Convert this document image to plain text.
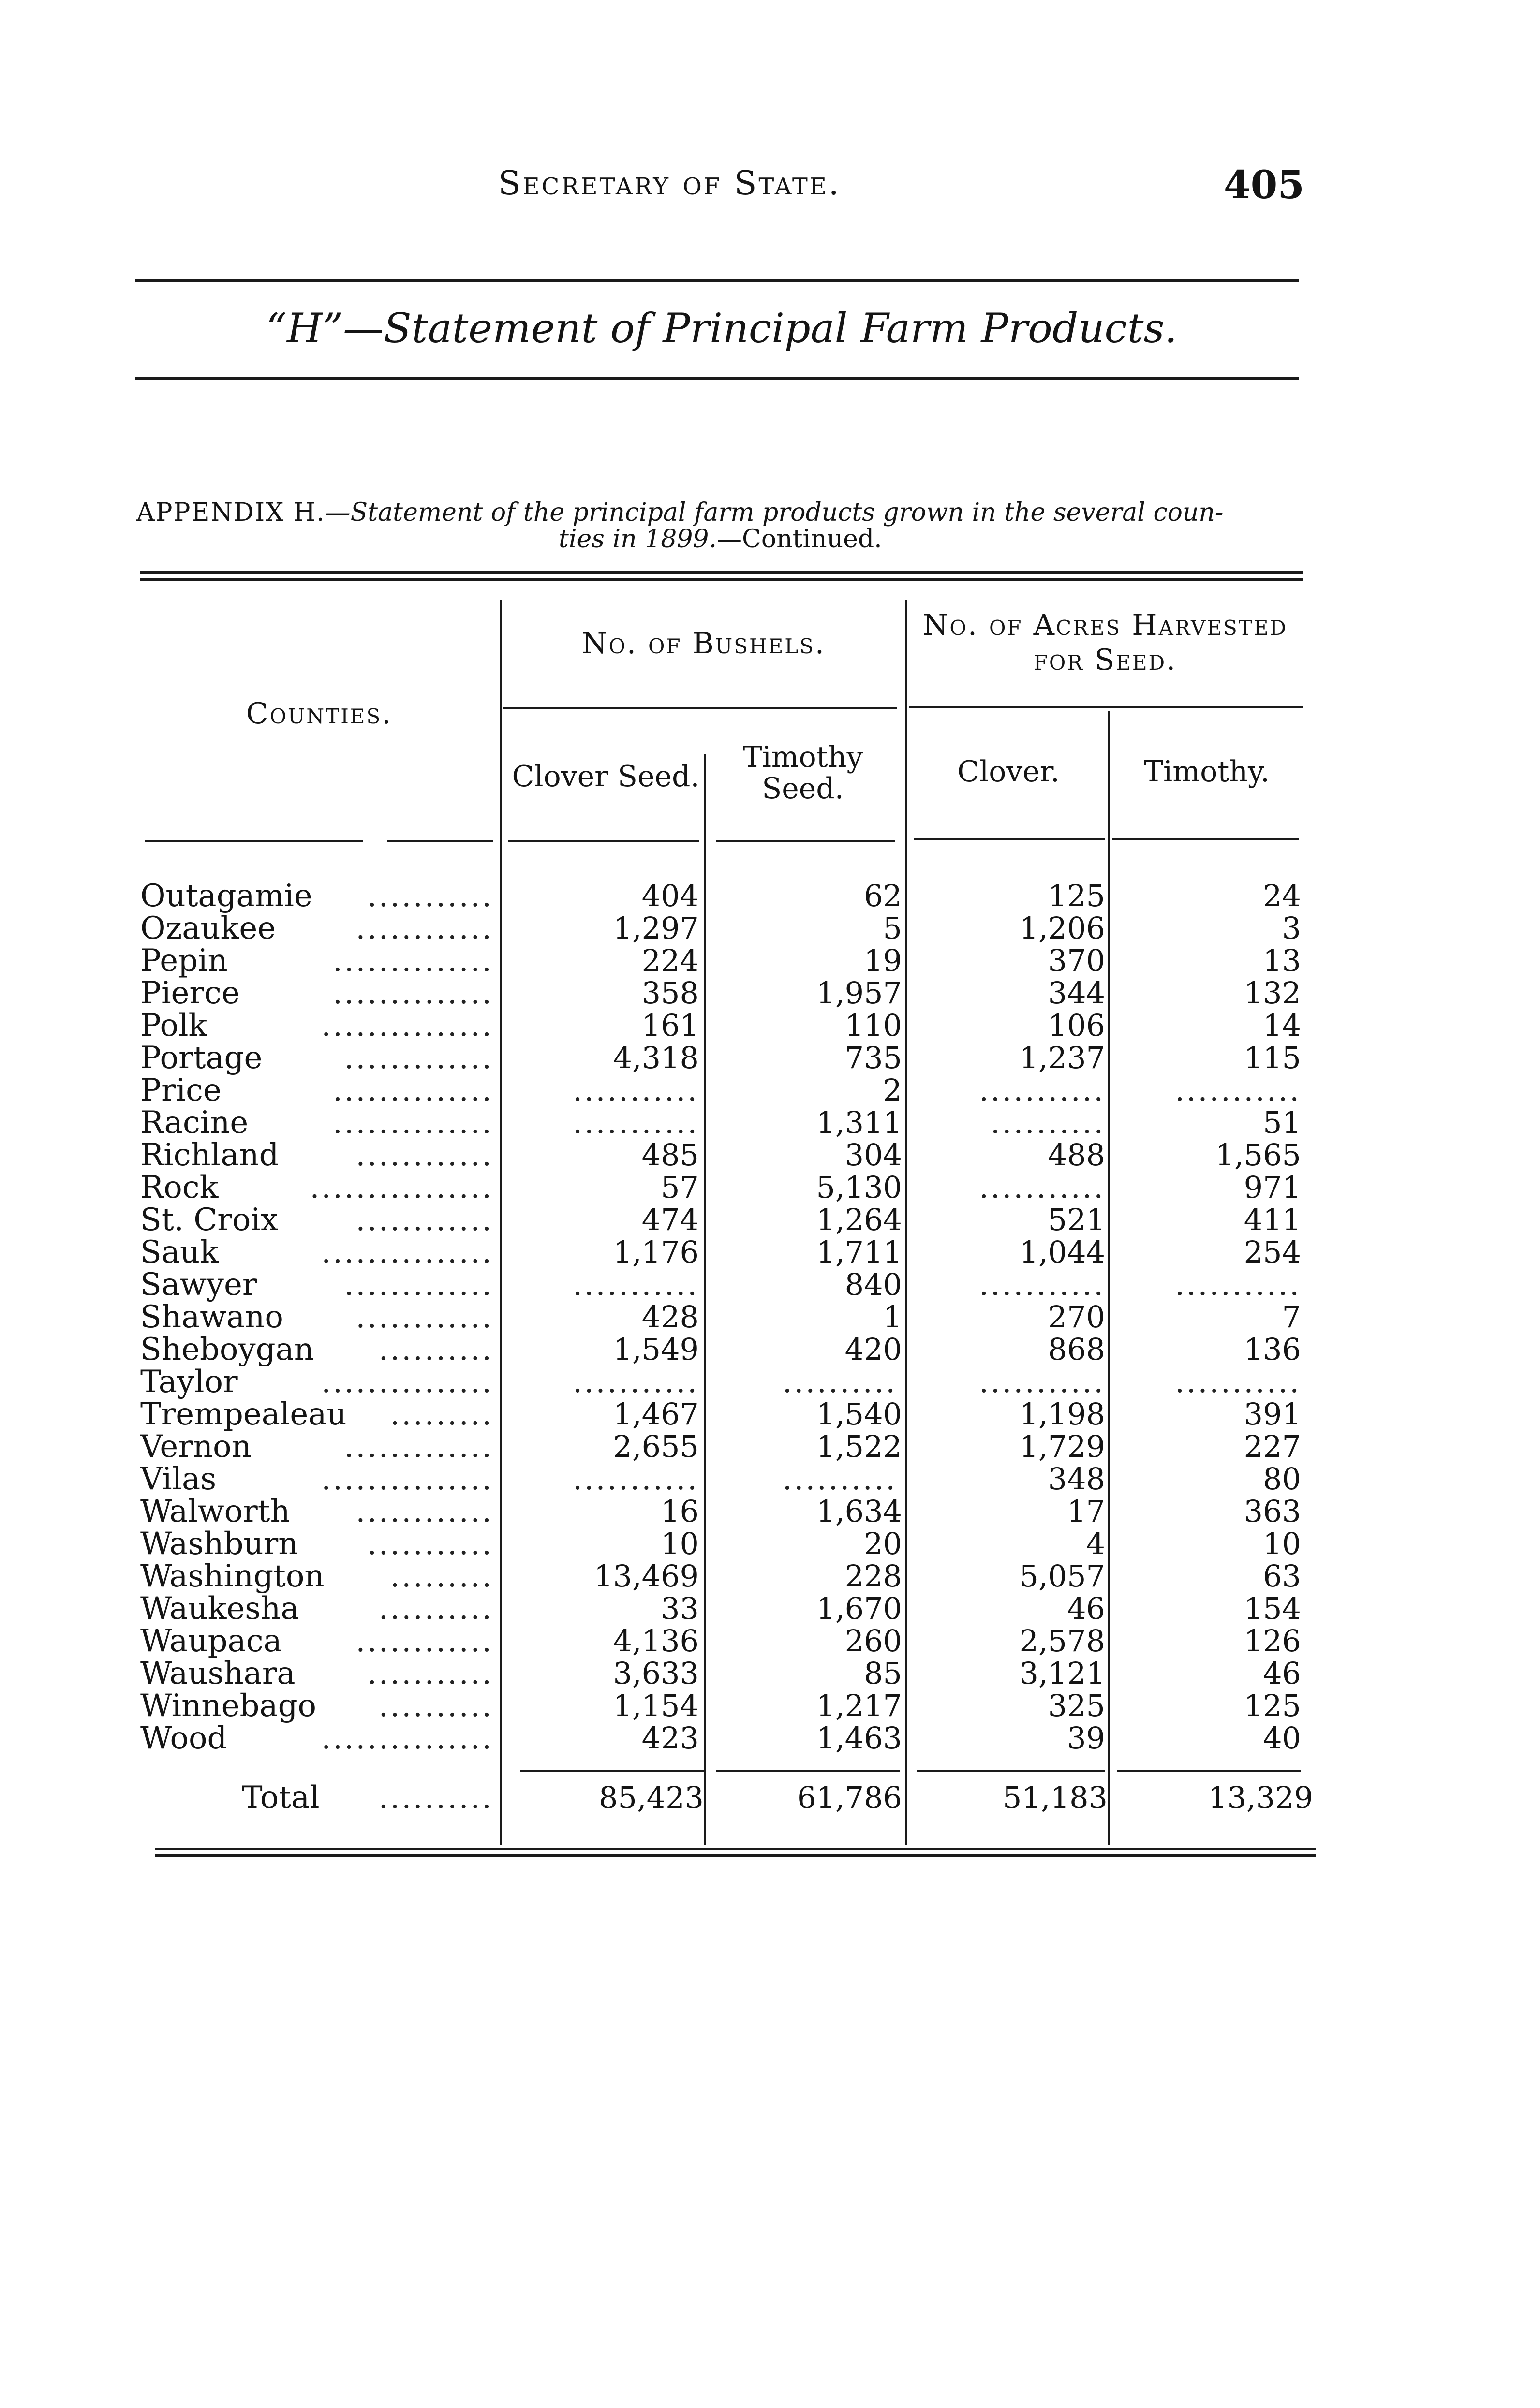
Secretary of State.	405
“H”—Statement of Principal Farm Products.
APPENDIX H.—Statement of the principal farm products grown in the several coun-
ties in 1899.—Continued.
Counties.
No. of Bushels.
No. of Acres Harvested
for Seed.
Clover Seed.
Timothy
Seed.	Clover.	Timothy.
Outagamie	...........	404	62	125	24
Ozaukee	............	1,297	5	1,206	3
Pepin	..............	224	19	370	13
Pierce	..............	358	1,957	344	132
Polk	...............	161	110	106	14
Portage	.............	4,318	735	1,237	115
Price	..............	...........	2	...........	...........
Racine	..............	...........	1,311	..........	51
Richland	............	485	304	488	1,565
Rock	................	57	5,130	...........	971
St. Croix	............	474	1,264	521	411
Sauk	...............	1,176	1,711	1,044	254
Sawyer	.............	...........	840	...........	...........
Shawano	............	428	1	270	7
Sheboygan	..........	1,549	420	868	136
Taylor	...............	...........	..........	...........	...........
Trempealeau	.........	1,467	1,540	1,198	391
Vernon	.............	2,655	1,522	1,729	227
Vilas	...............	...........	..........	348	80
Walworth	............	16	1,634	17	363
Washburn	...........	10	20	4	10
Washington	.........	13,469	228	5,057	63
Waukesha	..........	33	1,670	46	154
Waupaca	............	4,136	260	2,578	126
Waushara	...........	3,633	85	3,121	46
Winnebago	..........	1,154	1,217	325	125
Wood	...............	423	1,463	39	40
Total	..........	85,423	61,786	51,183	13,329
